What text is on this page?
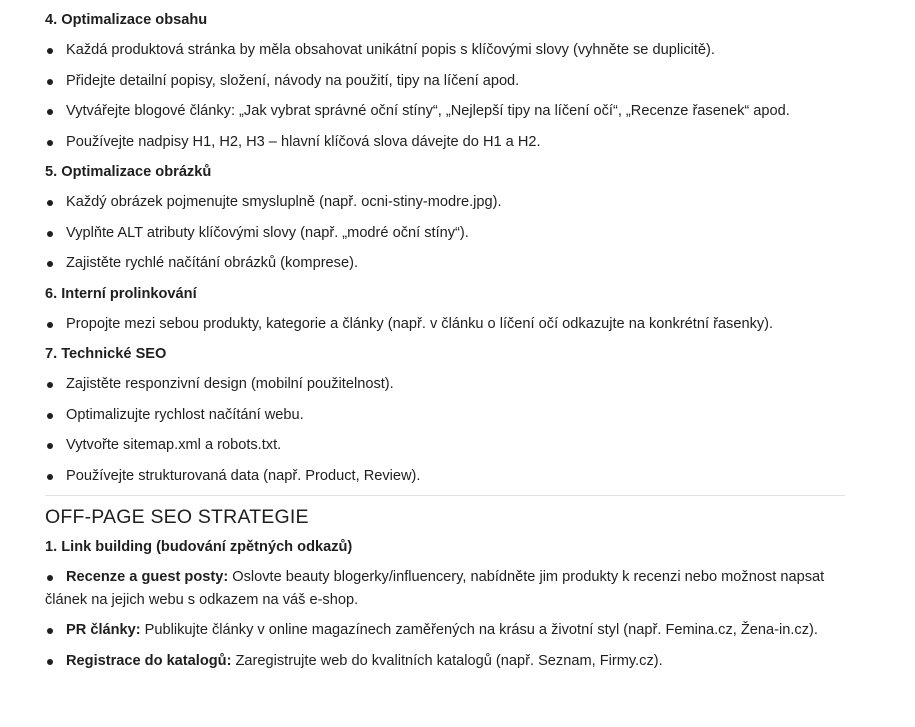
4. Optimalizace obsahu
Každá produktová stránka by měla obsahovat unikátní popis s klíčovými slovy (vyhněte se duplicitě).
Přidejte detailní popisy, složení, návody na použití, tipy na líčení apod.
Vytvářejte blogové články: „Jak vybrat správné oční stíny“, „Nejlepší tipy na líčení očí“, „Recenze řasenek“ apod.
Používejte nadpisy H1, H2, H3 – hlavní klíčová slova dávejte do H1 a H2.
5. Optimalizace obrázků
Každý obrázek pojmenujte smysluplně (např. ocni-stiny-modre.jpg).
Vyplňte ALT atributy klíčovými slovy (např. „modré oční stíny“).
Zajistěte rychlé načítání obrázků (komprese).
6. Interní prolinkování
Propojte mezi sebou produkty, kategorie a články (např. v článku o líčení očí odkazujte na konkrétní řasenky).
7. Technické SEO
Zajistěte responzivní design (mobilní použitelnost).
Optimalizujte rychlost načítání webu.
Vytvořte sitemap.xml a robots.txt.
Používejte strukturovaná data (např. Product, Review).
OFF-PAGE SEO STRATEGIE
1. Link building (budování zpětných odkazů)
Recenze a guest posty: Oslovte beauty blogerky/influencery, nabídněte jim produkty k recenzi nebo možnost napsat článek na jejich webu s odkazem na váš e-shop.
PR články: Publikujte články v online magazínech zaměřených na krásu a životní styl (např. Femina.cz, Žena-in.cz).
Registrace do katalogů: Zaregistrujte web do kvalitních katalogů (např. Seznam, Firmy.cz).
